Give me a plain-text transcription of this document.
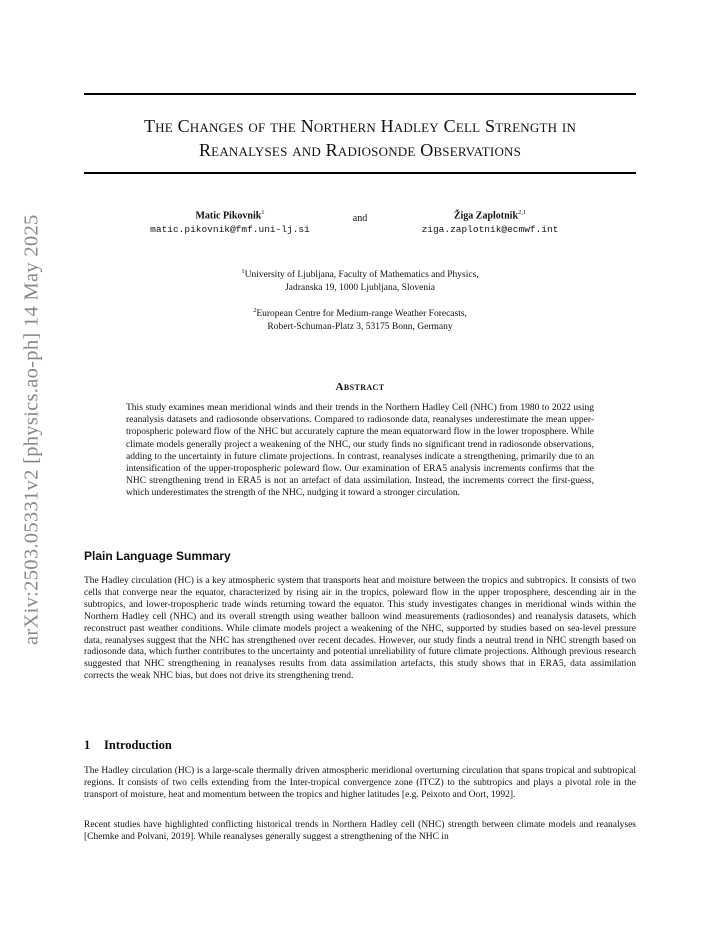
arXiv:2503.05331v2 [physics.ao-ph] 14 May 2025
The Changes of the Northern Hadley Cell Strength in
Reanalyses and Radiosonde Observations
Matic Pikovnik$^1$
matic.pikovnik@fmf.uni-lj.si
and	Žiga Zaplotnik$^{2,1}$
ziga.zaplotnik@ecmwf.int
$^1$University of Ljubljana, Faculty of Mathematics and Physics,
Jadranska 19, 1000 Ljubljana, Slovenia
$^2$European Centre for Medium-range Weather Forecasts,
Robert-Schuman-Platz 3, 53175 Bonn, Germany
Abstract
This study examines mean meridional winds and their trends in the Northern Hadley Cell (NHC) from 1980 to 2022 using reanalysis datasets and radiosonde observations. Compared to radiosonde data, reanalyses underestimate the mean upper-tropospheric poleward flow of the NHC but accurately capture the mean equatorward flow in the lower troposphere. While climate models generally project a weakening of the NHC, our study finds no significant trend in radiosonde observations, adding to the uncertainty in future climate projections. In contrast, reanalyses indicate a strengthening, primarily due to an intensification of the upper-tropospheric poleward flow. Our examination of ERA5 analysis increments confirms that the NHC strengthening trend in ERA5 is not an artefact of data assimilation. Instead, the increments correct the first-guess, which underestimates the strength of the NHC, nudging it toward a stronger circulation.
Plain Language Summary
The Hadley circulation (HC) is a key atmospheric system that transports heat and moisture between the tropics and subtropics. It consists of two cells that converge near the equator, characterized by rising air in the tropics, poleward flow in the upper troposphere, descending air in the subtropics, and lower-tropospheric trade winds returning toward the equator. This study investigates changes in meridional winds within the Northern Hadley cell (NHC) and its overall strength using weather balloon wind measurements (radiosondes) and reanalysis datasets, which reconstruct past weather conditions. While climate models project a weakening of the NHC, supported by studies based on sea-level pressure data, reanalyses suggest that the NHC has strengthened over recent decades. However, our study finds a neutral trend in NHC strength based on radiosonde data, which further contributes to the uncertainty and potential unreliability of future climate projections. Although previous research suggested that NHC strengthening in reanalyses results from data assimilation artefacts, this study shows that in ERA5, data assimilation corrects the weak NHC bias, but does not drive its strengthening trend.
1 Introduction
The Hadley circulation (HC) is a large-scale thermally driven atmospheric meridional overturning circulation that spans tropical and subtropical regions. It consists of two cells extending from the Inter-tropical convergence zone (ITCZ) to the subtropics and plays a pivotal role in the transport of moisture, heat and momentum between the tropics and higher latitudes [e.g. Peixoto and Oort, 1992].
Recent studies have highlighted conflicting historical trends in Northern Hadley cell (NHC) strength between climate models and reanalyses [Chemke and Polvani, 2019]. While reanalyses generally suggest a strengthening of the NHC in
